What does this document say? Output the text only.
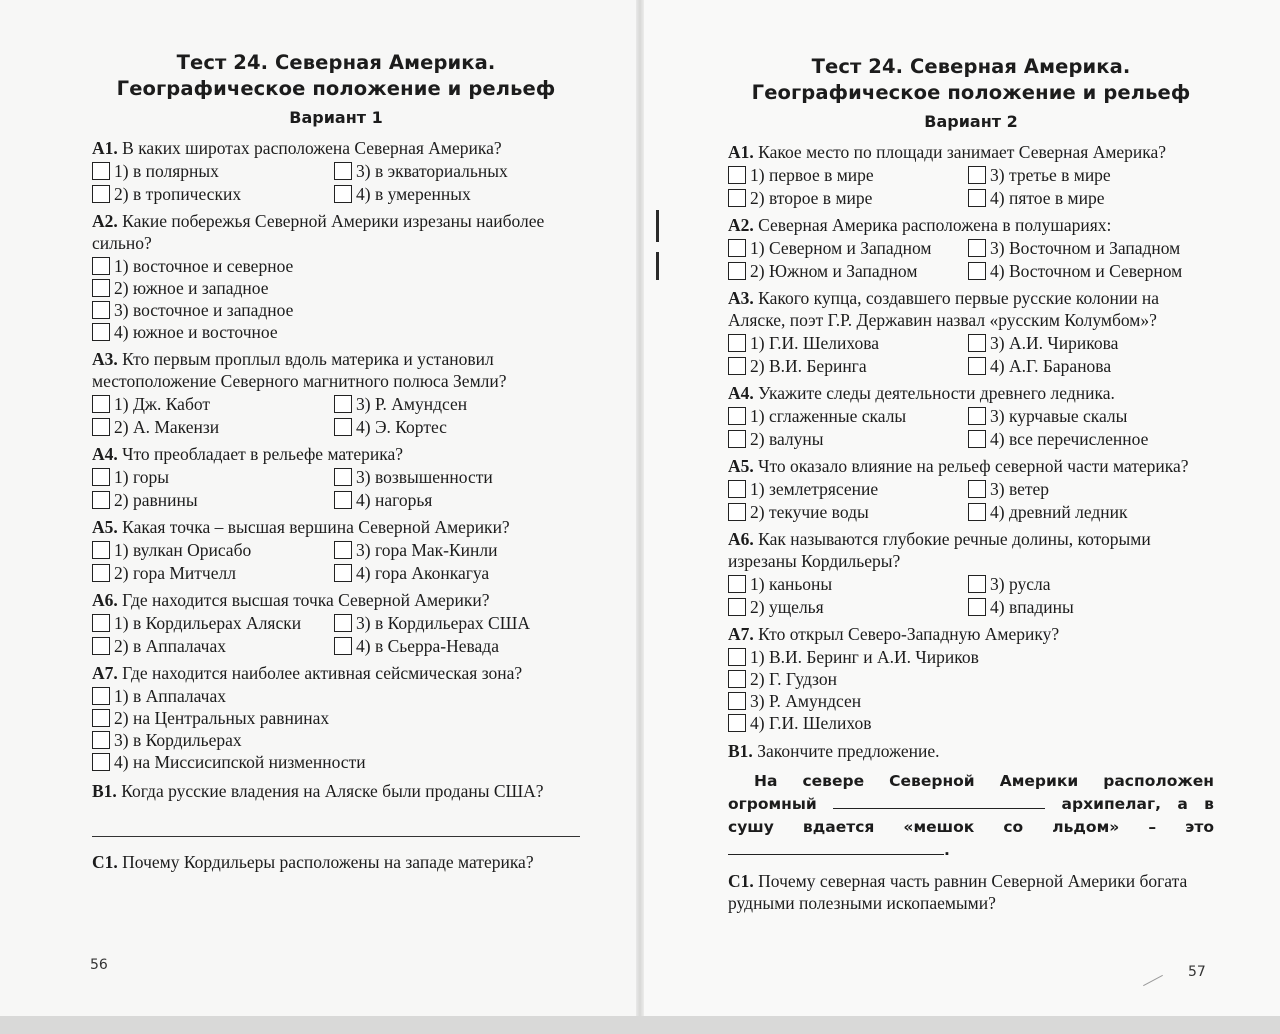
Тест 24. Северная Америка.
Географическое положение и рельеф
Вариант 1
А1. В каких широтах расположена Северная Америка?
1) в полярных	3) в экваториальных
2) в тропических	4) в умеренных
А2. Какие побережья Северной Америки изрезаны наиболее сильно?
1) восточное и северное
2) южное и западное
3) восточное и западное
4) южное и восточное
А3. Кто первым проплыл вдоль материка и установил местоположение Северного магнитного полюса Земли?
1) Дж. Кабот	3) Р. Амундсен
2) А. Макензи	4) Э. Кортес
А4. Что преобладает в рельефе материка?
1) горы	3) возвышенности
2) равнины	4) нагорья
А5. Какая точка – высшая вершина Северной Америки?
1) вулкан Орисабо	3) гора Мак-Кинли
2) гора Митчелл	4) гора Аконкагуа
А6. Где находится высшая точка Северной Америки?
1) в Кордильерах Аляски	3) в Кордильерах США
2) в Аппалачах	4) в Сьерра-Невада
А7. Где находится наиболее активная сейсмическая зона?
1) в Аппалачах
2) на Центральных равнинах
3) в Кордильерах
4) на Миссисипской низменности
В1. Когда русские владения на Аляске были проданы США?
С1. Почему Кордильеры расположены на западе материка?
56
Тест 24. Северная Америка.
Географическое положение и рельеф
Вариант 2
А1. Какое место по площади занимает Северная Америка?
1) первое в мире	3) третье в мире
2) второе в мире	4) пятое в мире
А2. Северная Америка расположена в полушариях:
1) Северном и Западном	3) Восточном и Западном
2) Южном и Западном	4) Восточном и Северном
А3. Какого купца, создавшего первые русские колонии на Аляске, поэт Г.Р. Державин назвал «русским Колумбом»?
1) Г.И. Шелихова	3) А.И. Чирикова
2) В.И. Беринга	4) А.Г. Баранова
А4. Укажите следы деятельности древнего ледника.
1) сглаженные скалы	3) курчавые скалы
2) валуны	4) все перечисленное
А5. Что оказало влияние на рельеф северной части материка?
1) землетрясение	3) ветер
2) текучие воды	4) древний ледник
А6. Как называются глубокие речные долины, которыми изрезаны Кордильеры?
1) каньоны	3) русла
2) ущелья	4) впадины
А7. Кто открыл Северо-Западную Америку?
1) В.И. Беринг и А.И. Чириков
2) Г. Гудзон
3) Р. Амундсен
4) Г.И. Шелихов
В1. Закончите предложение.
На севере Северной Америки расположен огромный	архипелаг, а в сушу вдается «мешок со льдом» – это .
С1. Почему северная часть равнин Северной Америки богата рудными полезными ископаемыми?
57
